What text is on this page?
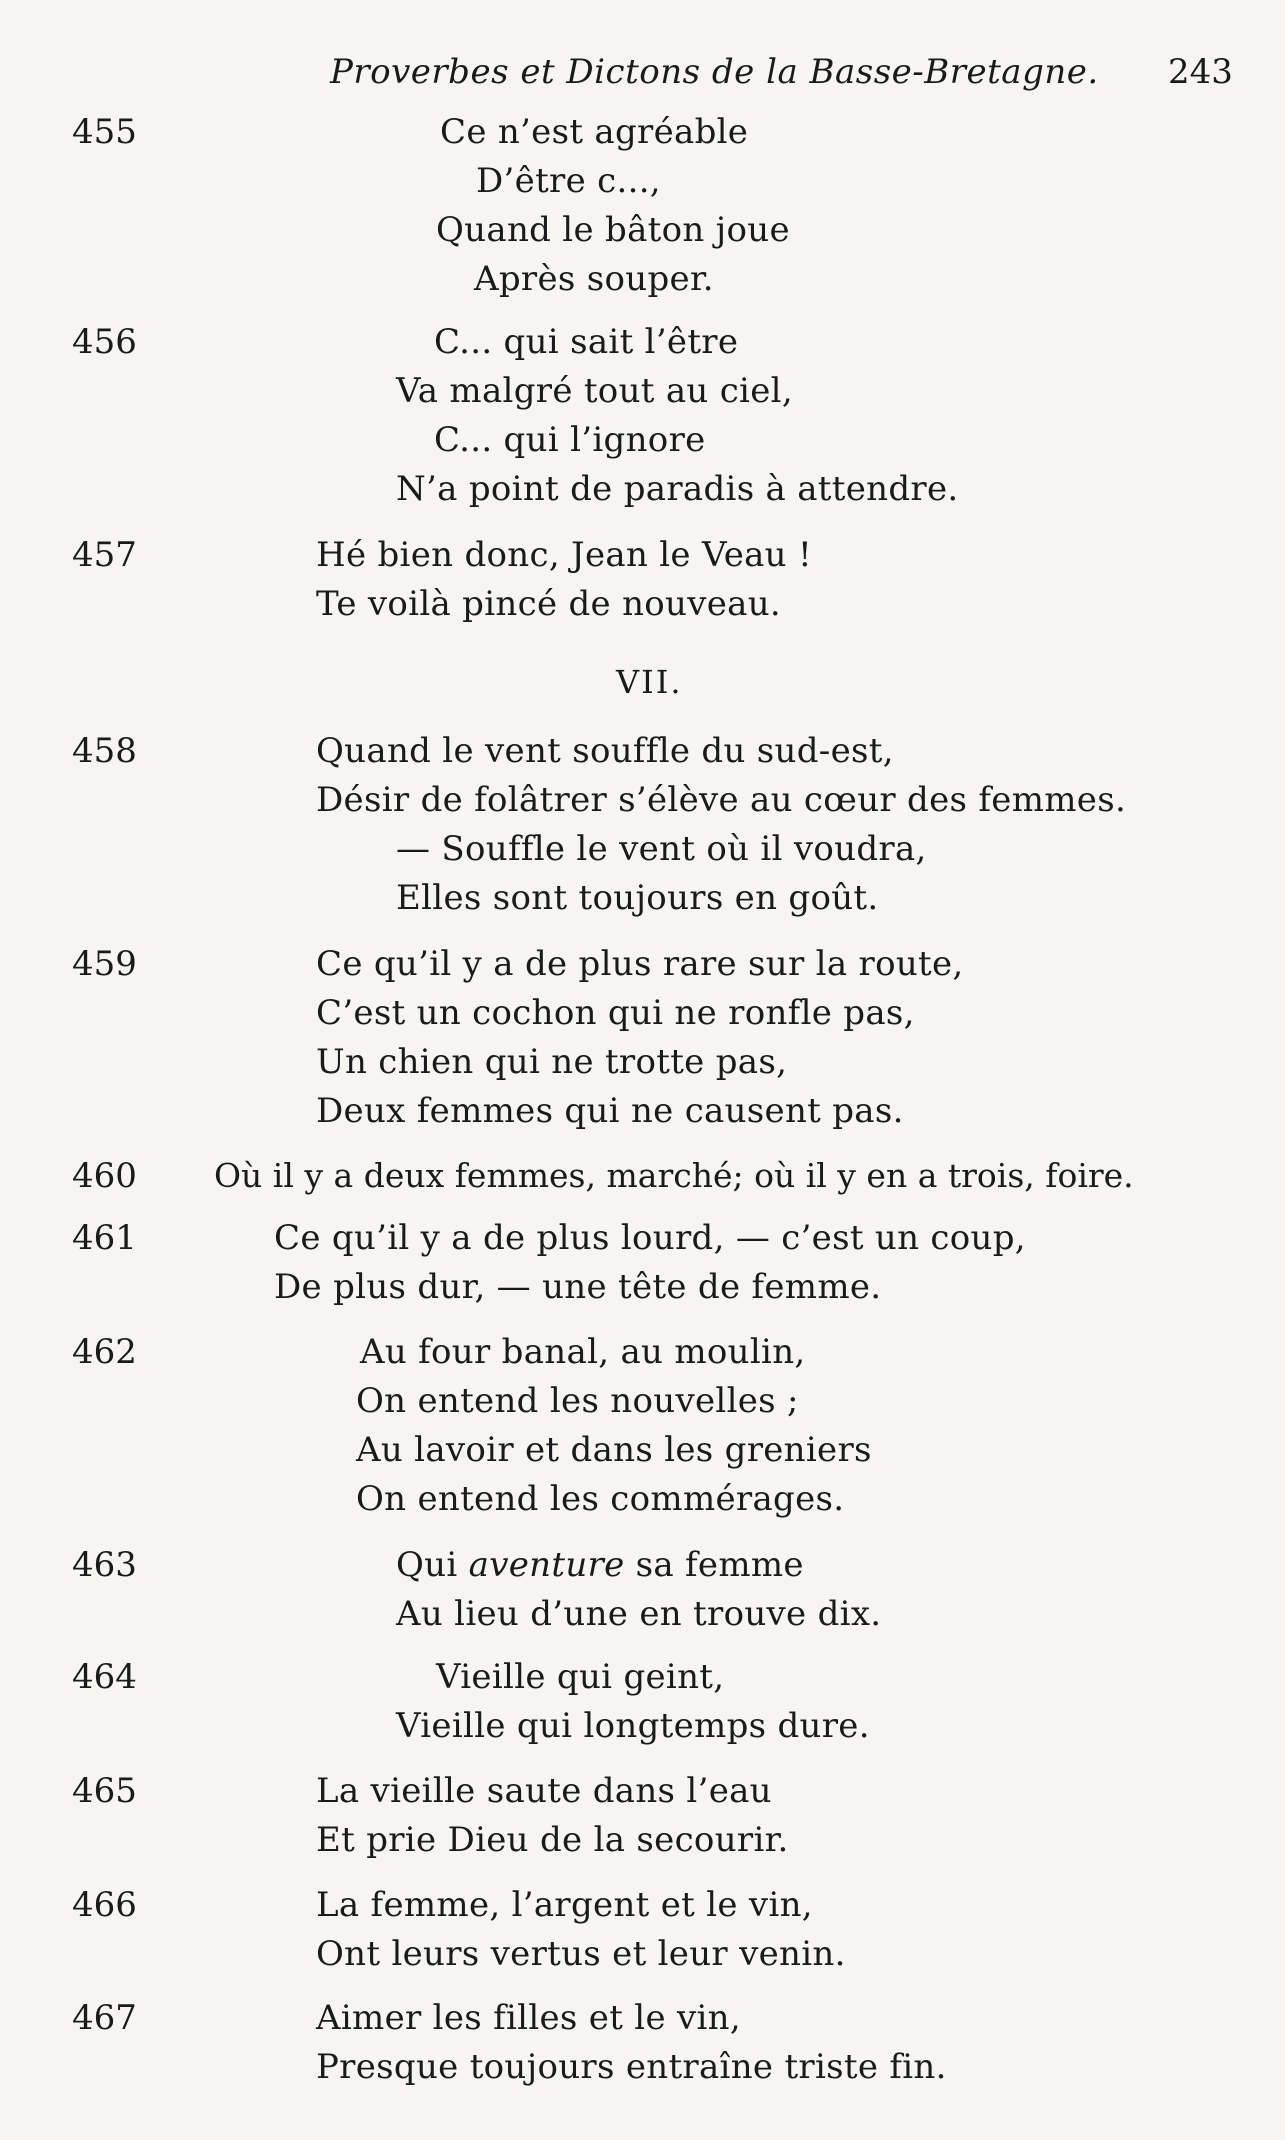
Proverbes et Dictons de la Basse-Bretagne. 243
455	Ce n’est agréable
D’être c...,
Quand le bâton joue
Après souper.
456	C... qui sait l’être
Va malgré tout au ciel,
C... qui l’ignore
N’a point de paradis à attendre.
457	Hé bien donc, Jean le Veau !
Te voilà pincé de nouveau.
VII.
458	Quand le vent souffle du sud-est,
Désir de folâtrer s’élève au cœur des femmes.
— Souffle le vent où il voudra,
Elles sont toujours en goût.
459	Ce qu’il y a de plus rare sur la route,
C’est un cochon qui ne ronfle pas,
Un chien qui ne trotte pas,
Deux femmes qui ne causent pas.
460 Où il y a deux femmes, marché; où il y en a trois, foire.
461	Ce qu’il y a de plus lourd, — c’est un coup,
De plus dur, — une tête de femme.
462	Au four banal, au moulin,
On entend les nouvelles ;
Au lavoir et dans les greniers
On entend les commérages.
463	Qui aventure sa femme
Au lieu d’une en trouve dix.
464	Vieille qui geint,
Vieille qui longtemps dure.
465	La vieille saute dans l’eau
Et prie Dieu de la secourir.
466	La femme, l’argent et le vin,
Ont leurs vertus et leur venin.
467	Aimer les filles et le vin,
Presque toujours entraîne triste fin.
